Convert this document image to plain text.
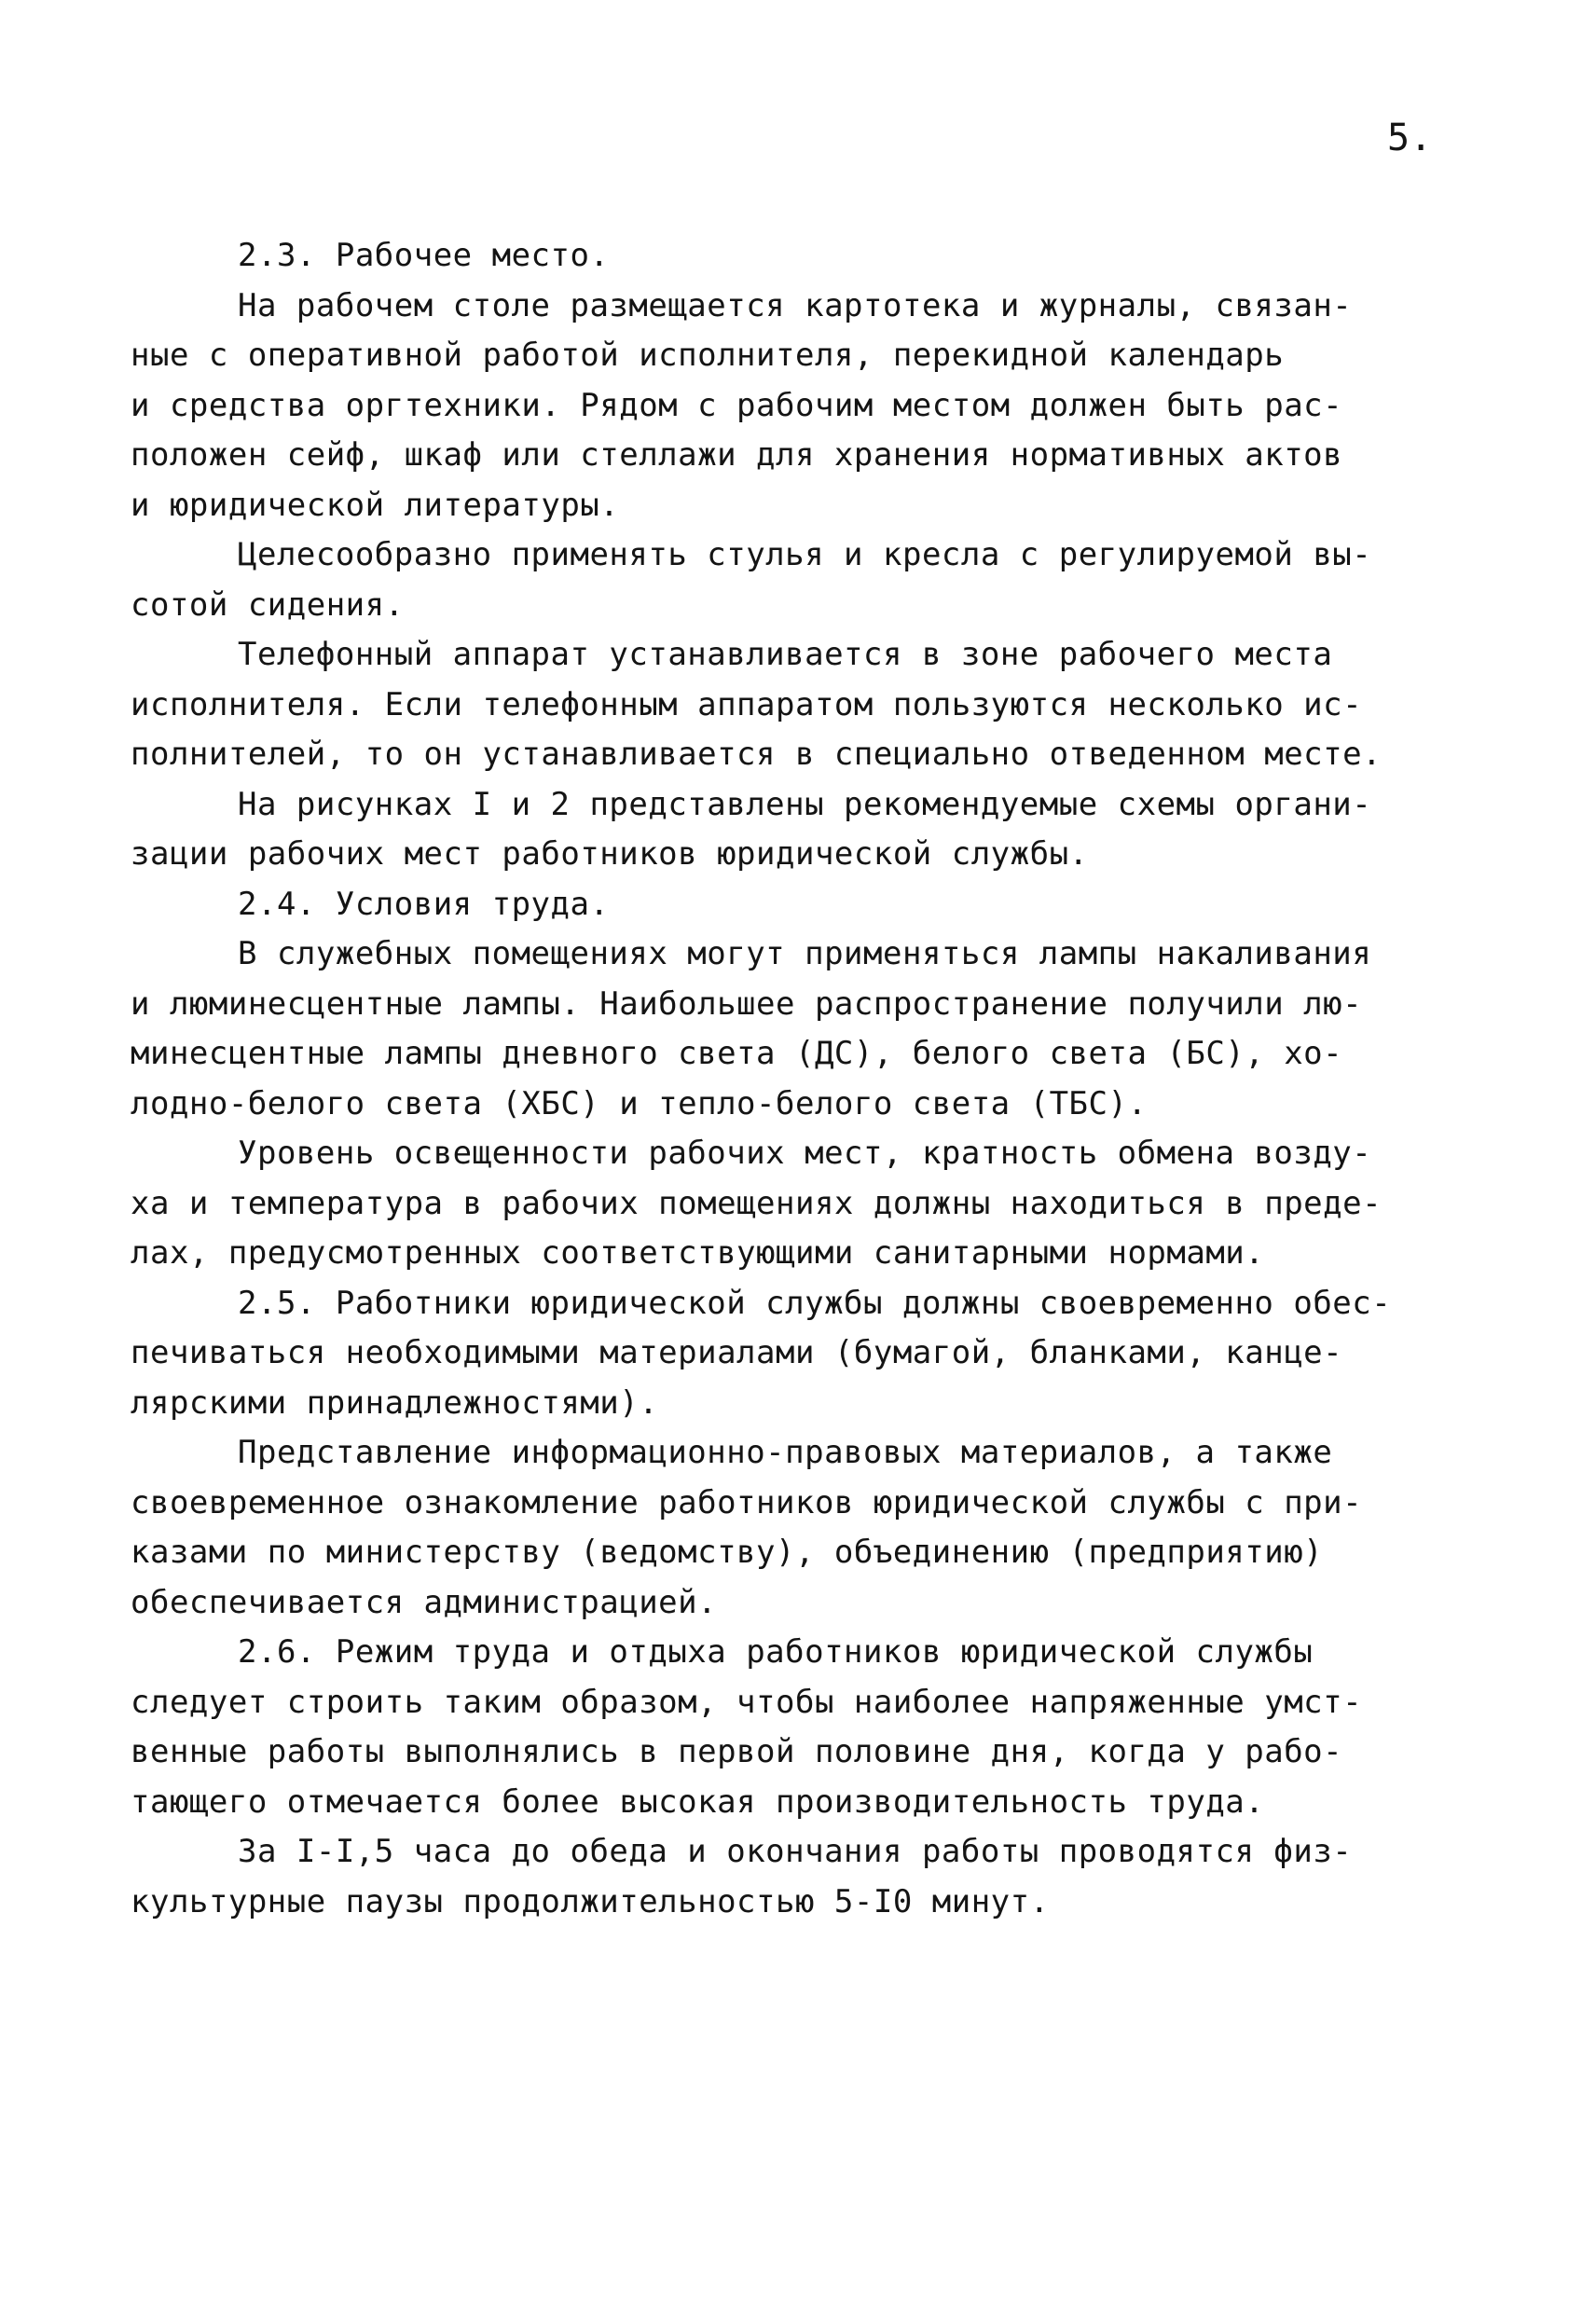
5.
2.3. Рабочее место.
На рабочем столе размещается картотека и журналы, связан-
ные с оперативной работой исполнителя, перекидной календарь
и средства оргтехники. Рядом с рабочим местом должен быть рас-
положен сейф, шкаф или стеллажи для хранения нормативных актов
и юридической литературы.
Целесообразно применять стулья и кресла с регулируемой вы-
сотой сидения.
Телефонный аппарат устанавливается в зоне рабочего места
исполнителя. Если телефонным аппаратом пользуются несколько ис-
полнителей, то он устанавливается в специально отведенном месте.
На рисунках I и 2 представлены рекомендуемые схемы органи-
зации рабочих мест работников юридической службы.
2.4. Условия труда.
В служебных помещениях могут применяться лампы накаливания
и люминесцентные лампы. Наибольшее распространение получили лю-
минесцентные лампы дневного света (ДС), белого света (БС), хо-
лодно-белого света (ХБС) и тепло-белого света (ТБС).
Уровень освещенности рабочих мест, кратность обмена возду-
ха и температура в рабочих помещениях должны находиться в преде-
лах, предусмотренных соответствующими санитарными нормами.
2.5. Работники юридической службы должны своевременно обес-
печиваться необходимыми материалами (бумагой, бланками, канце-
лярскими принадлежностями).
Представление информационно-правовых материалов, а также
своевременное ознакомление работников юридической службы с при-
казами по министерству (ведомству), объединению (предприятию)
обеспечивается администрацией.
2.6. Режим труда и отдыха работников юридической службы
следует строить таким образом, чтобы наиболее напряженные умст-
венные работы выполнялись в первой половине дня, когда у рабо-
тающего отмечается более высокая производительность труда.
За I-I,5 часа до обеда и окончания работы проводятся физ-
культурные паузы продолжительностью 5-I0 минут.
